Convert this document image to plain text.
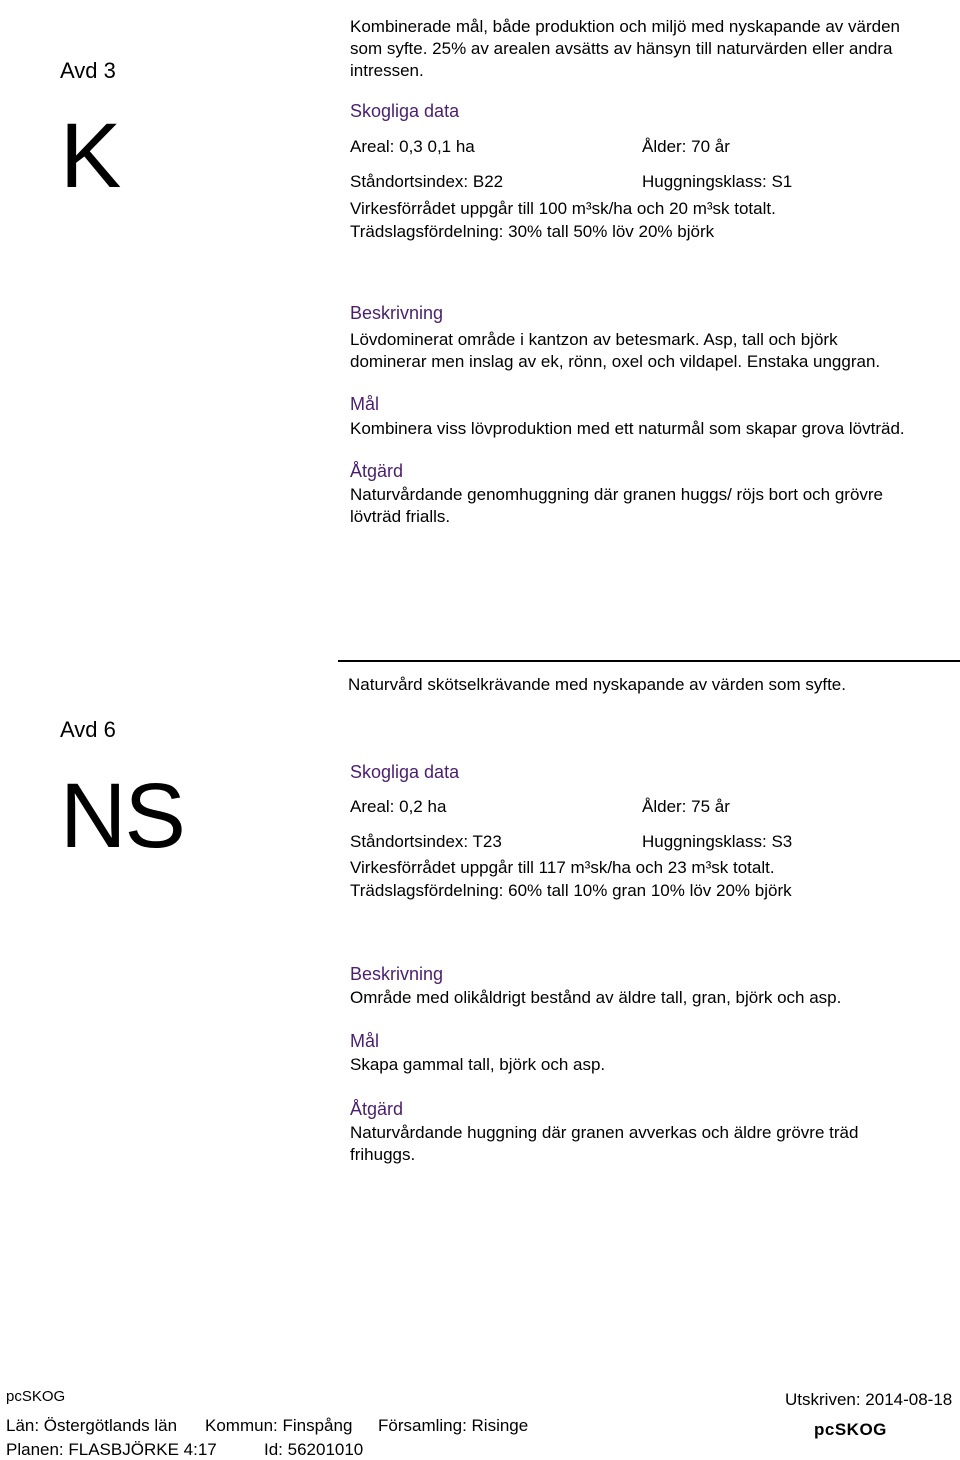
Avd 3
K
Kombinerade mål, både produktion och miljö med nyskapande av värden som syfte. 25% av arealen avsätts av hänsyn till naturvärden eller andra intressen.
Skogliga data
Areal: 0,3 0,1 ha	Ålder: 70 år
Ståndortsindex: B22	Huggningsklass: S1
Virkesförrådet uppgår till 100 m³sk/ha och 20 m³sk totalt.
Trädslagsfördelning: 30% tall 50% löv 20% björk
Beskrivning
Lövdominerat område i kantzon av betesmark. Asp, tall och björk dominerar men inslag av ek, rönn, oxel och vildapel. Enstaka unggran.
Mål
Kombinera viss lövproduktion med ett naturmål som skapar grova lövträd.
Åtgärd
Naturvårdande genomhuggning där granen huggs/ röjs bort och grövre lövträd frialls.
Avd 6
NS
Naturvård skötselkrävande med nyskapande av värden som syfte.
Skogliga data
Areal: 0,2 ha	Ålder: 75 år
Ståndortsindex: T23	Huggningsklass: S3
Virkesförrådet uppgår till 117 m³sk/ha och 23 m³sk totalt.
Trädslagsfördelning: 60% tall 10% gran 10% löv 20% björk
Beskrivning
Område med olikåldrigt bestånd av äldre tall, gran, björk och asp.
Mål
Skapa gammal tall, björk och asp.
Åtgärd
Naturvårdande huggning där granen avverkas och äldre grövre träd frihuggs.
pcSKOG	Utskriven: 2014-08-18
Län: Östergötlands län Kommun: Finspång Församling: Risinge
Planen: FLASBJÖRKE 4:17	Id: 56201010
pcSKOG
